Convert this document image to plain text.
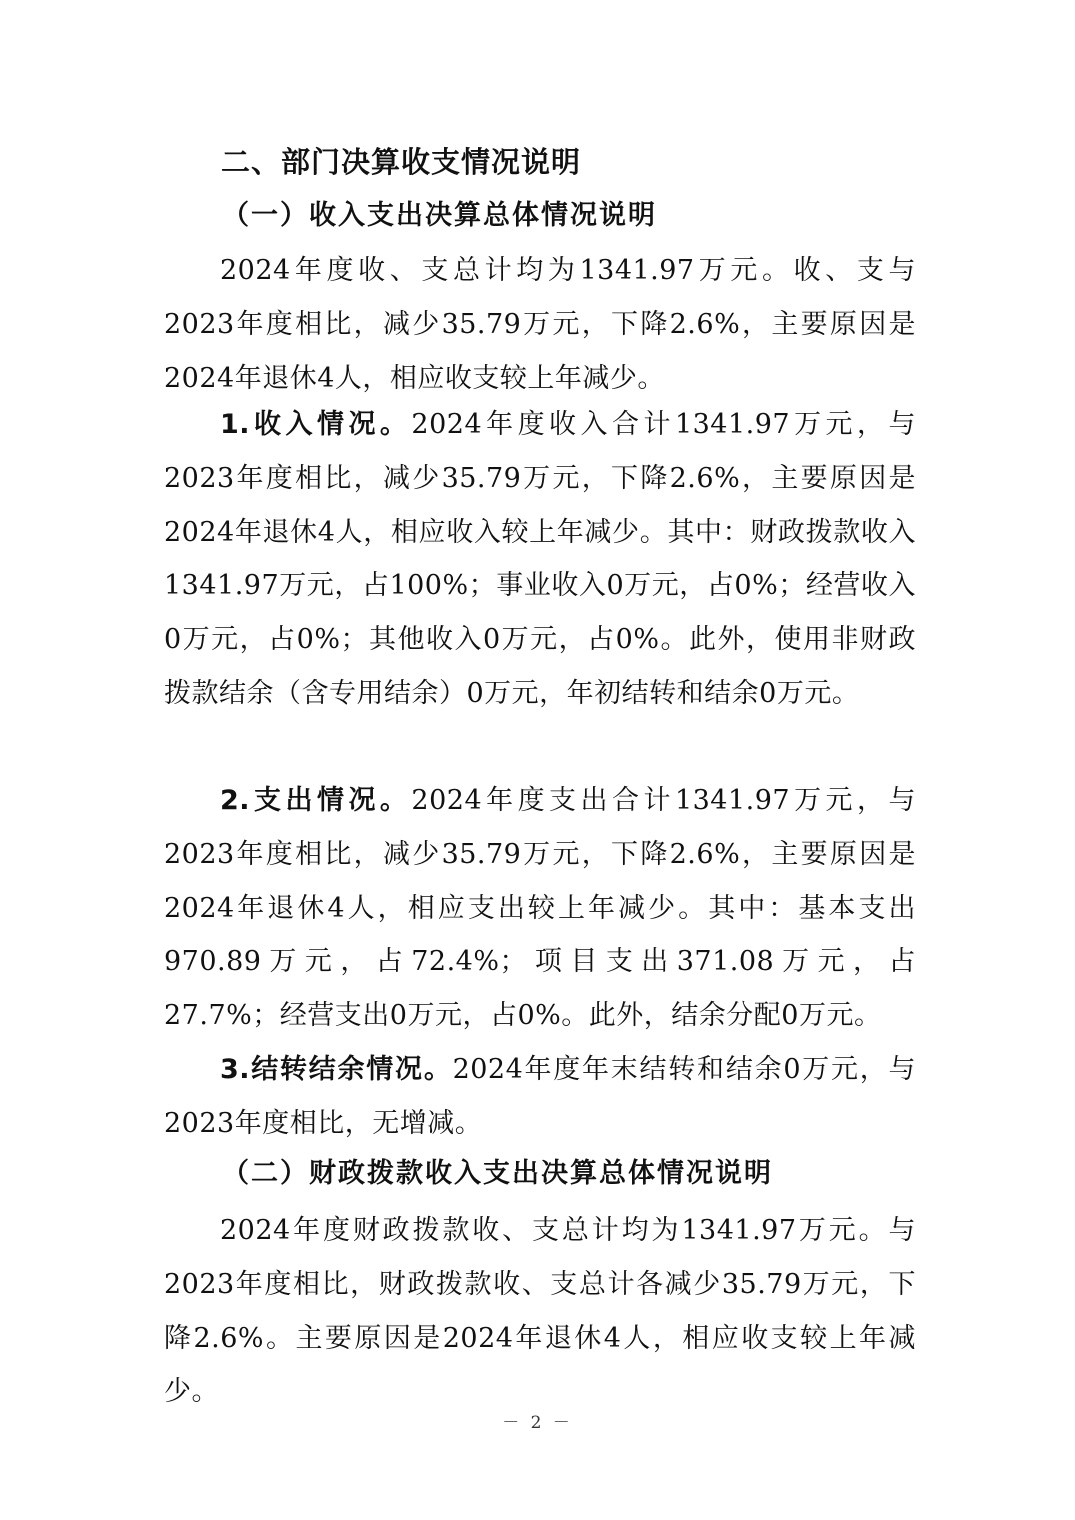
二、部门决算收支情况说明
（一）收入支出决算总体情况说明

2024年度收、支总计均为1341.97万元。收、支与2023年度相比，减少35.79万元，下降2.6%，主要原因是2024年退休4人，相应收支较上年减少。

1.收入情况。2024年度收入合计1341.97万元，与2023年度相比，减少35.79万元，下降2.6%，主要原因是2024年退休4人，相应收入较上年减少。其中：财政拨款收入1341.97万元，占100%；事业收入0万元，占0%；经营收入0万元，占0%；其他收入0万元，占0%。此外，使用非财政拨款结余（含专用结余）0万元，年初结转和结余0万元。

2.支出情况。2024年度支出合计1341.97万元，与2023年度相比，减少35.79万元，下降2.6%，主要原因是2024年退休4人，相应支出较上年减少。其中：基本支出970.89万元，占72.4%；项目支出371.08万元，占27.7%；经营支出0万元，占0%。此外，结余分配0万元。

3.结转结余情况。2024年度年末结转和结余0万元，与2023年度相比，无增减。

（二）财政拨款收入支出决算总体情况说明

2024年度财政拨款收、支总计均为1341.97万元。与2023年度相比，财政拨款收、支总计各减少35.79万元，下降2.6%。主要原因是2024年退休4人，相应收支较上年减少。

－ 2 －
